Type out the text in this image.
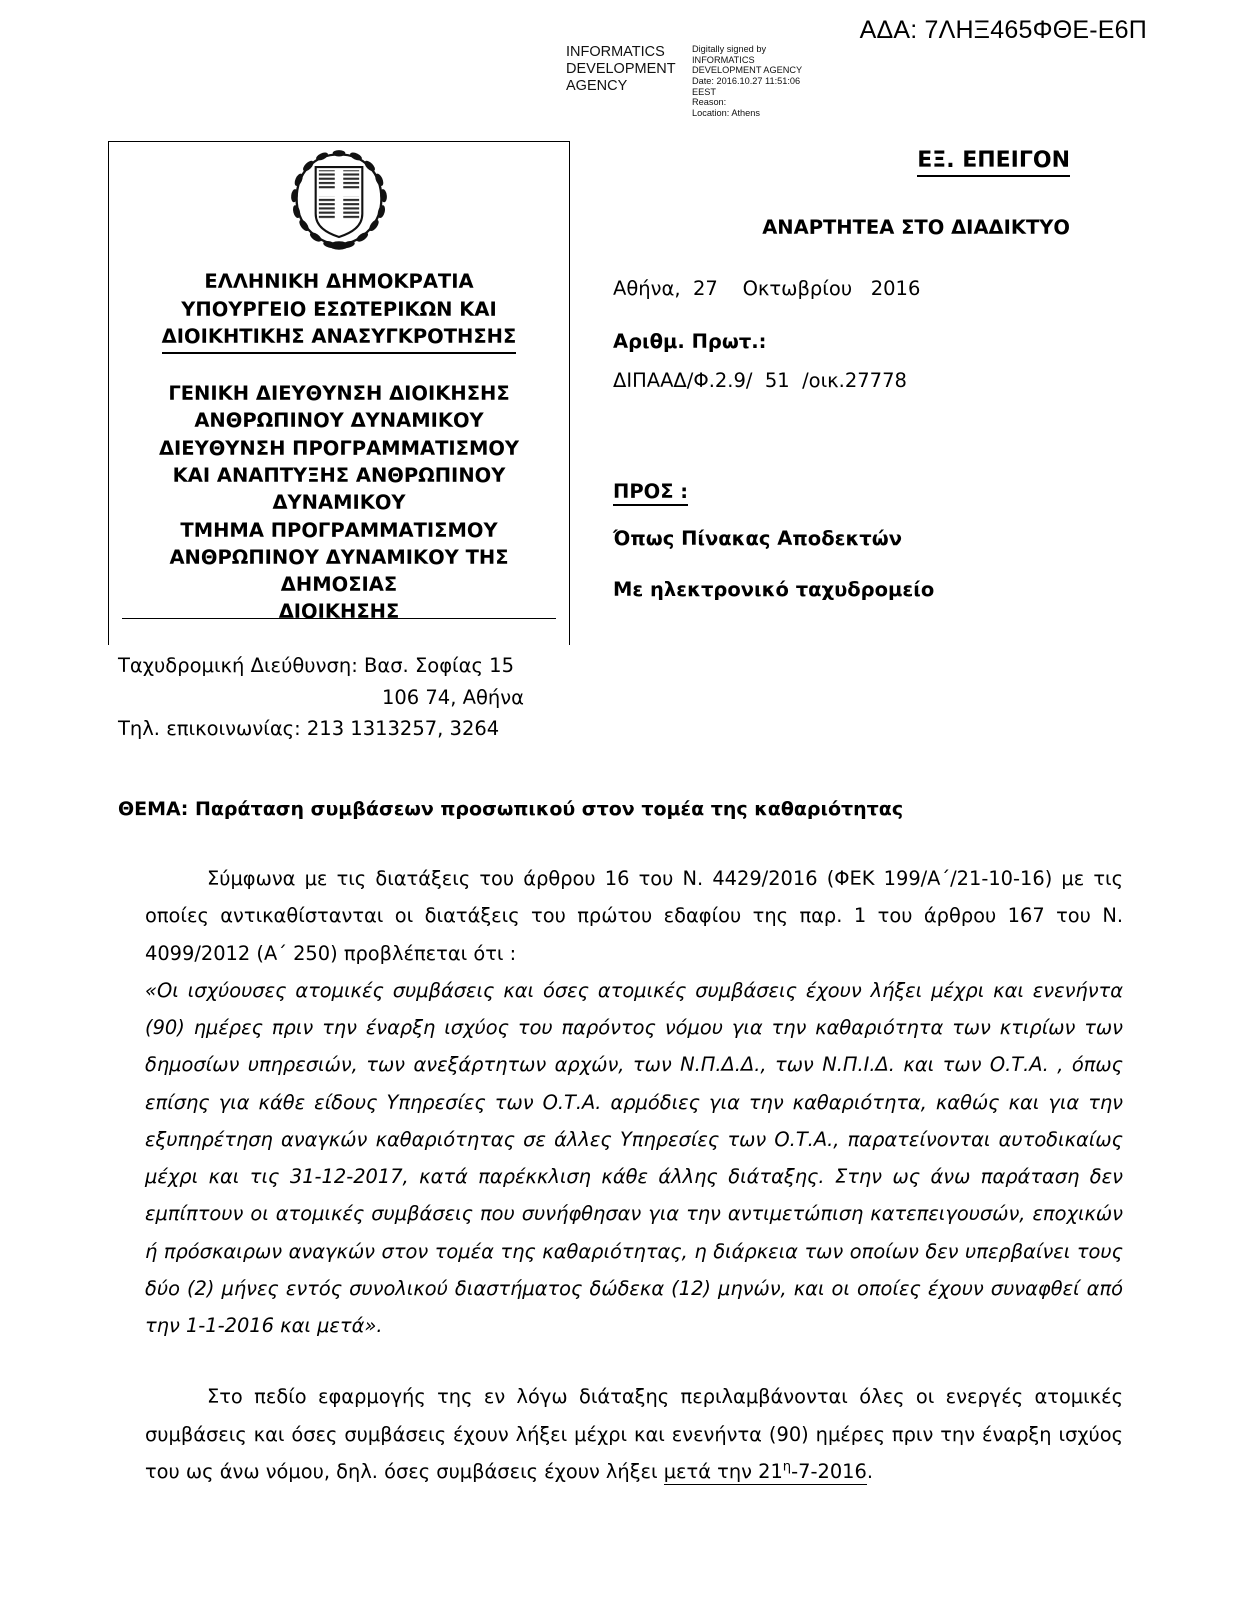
ΑΔΑ: 7ΛΗΞ465ΦΘΕ-Ε6Π
INFORMATICS DEVELOPMENT AGENCY
Digitally signed by
INFORMATICS
DEVELOPMENT AGENCY
Date: 2016.10.27 11:51:06
EEST
Reason:
Location: Athens
ΕΛΛΗΝΙΚΗ ΔΗΜΟΚΡΑΤΙΑ
ΥΠΟΥΡΓΕΙΟ ΕΣΩΤΕΡΙΚΩΝ ΚΑΙ
ΔΙΟΙΚΗΤΙΚΗΣ ΑΝΑΣΥΓΚΡΟΤΗΣΗΣ
ΓΕΝΙΚΗ ΔΙΕΥΘΥΝΣΗ ΔΙΟΙΚΗΣΗΣ
ΑΝΘΡΩΠΙΝΟΥ ΔΥΝΑΜΙΚΟΥ
ΔΙΕΥΘΥΝΣΗ ΠΡΟΓΡΑΜΜΑΤΙΣΜΟΥ
ΚΑΙ ΑΝΑΠΤΥΞΗΣ ΑΝΘΡΩΠΙΝΟΥ ΔΥΝΑΜΙΚΟΥ
ΤΜΗΜΑ ΠΡΟΓΡΑΜΜΑΤΙΣΜΟΥ
ΑΝΘΡΩΠΙΝΟΥ ΔΥΝΑΜΙΚΟΥ ΤΗΣ ΔΗΜΟΣΙΑΣ
ΔΙΟΙΚΗΣΗΣ
Ταχυδρομική Διεύθυνση: Βασ. Σοφίας 15
106 74, Αθήνα
Τηλ. επικοινωνίας: 213 1313257, 3264
ΕΞ. ΕΠΕΙΓΟΝ
ΑΝΑΡΤΗΤΕΑ ΣΤΟ ΔΙΑΔΙΚΤΥΟ
Αθήνα,  27    Οκτωβρίου   2016
Αριθμ. Πρωτ.:
ΔΙΠΑΑΔ/Φ.2.9/  51  /οικ.27778
ΠΡΟΣ :
Όπως Πίνακας Αποδεκτών
Με ηλεκτρονικό ταχυδρομείο
ΘΕΜΑ: Παράταση συμβάσεων προσωπικού στον τομέα της καθαριότητας

Σύμφωνα με τις διατάξεις του άρθρου 16 του Ν. 4429/2016 (ΦΕΚ 199/Α΄/21-10-16) με τις οποίες αντικαθίστανται οι διατάξεις του πρώτου εδαφίου της παρ. 1 του άρθρου 167 του Ν. 4099/2012 (Α΄ 250) προβλέπεται ότι :

«Οι ισχύουσες ατομικές συμβάσεις και όσες ατομικές συμβάσεις έχουν λήξει μέχρι και ενενήντα (90) ημέρες πριν την έναρξη ισχύος του παρόντος νόμου για την καθαριότητα των κτιρίων των δημοσίων υπηρεσιών, των ανεξάρτητων αρχών, των Ν.Π.Δ.Δ., των Ν.Π.Ι.Δ. και των Ο.Τ.Α. , όπως επίσης για κάθε είδους Υπηρεσίες των Ο.Τ.Α. αρμόδιες για την καθαριότητα, καθώς και για την εξυπηρέτηση αναγκών καθαριότητας σε άλλες Υπηρεσίες των Ο.Τ.Α., παρατείνονται αυτοδικαίως μέχρι και τις 31-12-2017, κατά παρέκκλιση κάθε άλλης διάταξης. Στην ως άνω παράταση δεν εμπίπτουν οι ατομικές συμβάσεις που συνήφθησαν για την αντιμετώπιση κατεπειγουσών, εποχικών ή πρόσκαιρων αναγκών στον τομέα της καθαριότητας, η διάρκεια των οποίων δεν υπερβαίνει τους δύο (2) μήνες εντός συνολικού διαστήματος δώδεκα (12) μηνών, και οι οποίες έχουν συναφθεί από την 1-1-2016 και μετά».

Στο πεδίο εφαρμογής της εν λόγω διάταξης περιλαμβάνονται όλες οι ενεργές ατομικές συμβάσεις και όσες συμβάσεις έχουν λήξει μέχρι και ενενήντα (90) ημέρες πριν την έναρξη ισχύος του ως άνω νόμου, δηλ. όσες συμβάσεις έχουν λήξει μετά την $21^\eta-7-2016$.
